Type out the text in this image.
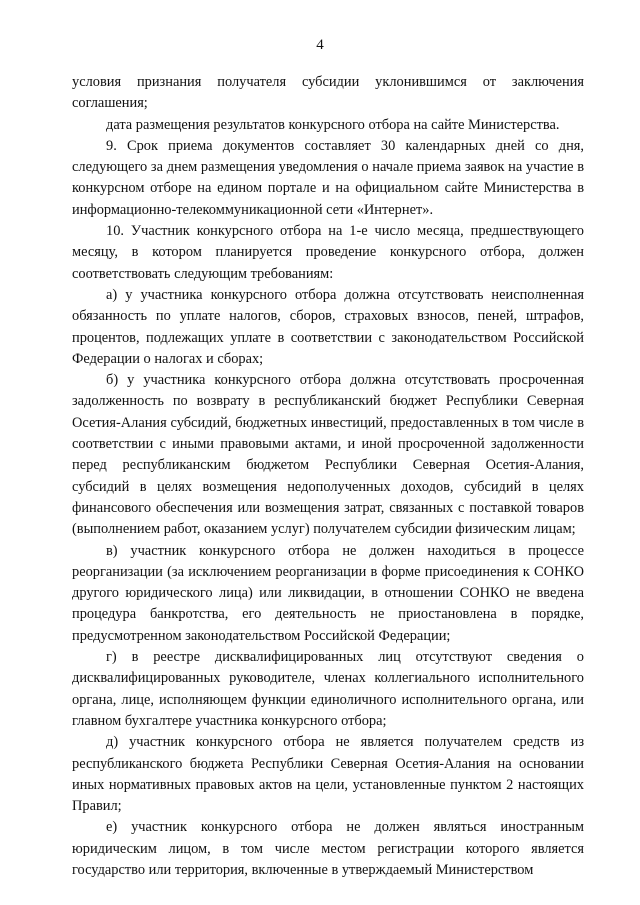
4

условия признания получателя субсидии уклонившимся от заключения соглашения;

дата размещения результатов конкурсного отбора на сайте Министерства.

9. Срок приема документов составляет 30 календарных дней со дня, следующего за днем размещения уведомления о начале приема заявок на участие в конкурсном отборе на едином портале и на официальном сайте Министерства в информационно-телекоммуникационной сети «Интернет».

10. Участник конкурсного отбора на 1-е число месяца, предшествующего месяцу, в котором планируется проведение конкурсного отбора, должен соответствовать следующим требованиям:

а) у участника конкурсного отбора должна отсутствовать неисполненная обязанность по уплате налогов, сборов, страховых взносов, пеней, штрафов, процентов, подлежащих уплате в соответствии с законодательством Российской Федерации о налогах и сборах;

б) у участника конкурсного отбора должна отсутствовать просроченная задолженность по возврату в республиканский бюджет Республики Северная Осетия-Алания субсидий, бюджетных инвестиций, предоставленных в том числе в соответствии с иными правовыми актами, и иной просроченной задолженности перед республиканским бюджетом Республики Северная Осетия-Алания, субсидий в целях возмещения недополученных доходов, субсидий в целях финансового обеспечения или возмещения затрат, связанных с поставкой товаров (выполнением работ, оказанием услуг) получателем субсидии физическим лицам;

в) участник конкурсного отбора не должен находиться в процессе реорганизации (за исключением реорганизации в форме присоединения к СОНКО другого юридического лица) или ликвидации, в отношении СОНКО не введена процедура банкротства, его деятельность не приостановлена в порядке, предусмотренном законодательством Российской Федерации;

г) в реестре дисквалифицированных лиц отсутствуют сведения о дисквалифицированных руководителе, членах коллегиального исполнительного органа, лице, исполняющем функции единоличного исполнительного органа, или главном бухгалтере участника конкурсного отбора;

д) участник конкурсного отбора не является получателем средств из республиканского бюджета Республики Северная Осетия-Алания на основании иных нормативных правовых актов на цели, установленные пунктом 2 настоящих Правил;

е) участник конкурсного отбора не должен являться иностранным юридическим лицом, в том числе местом регистрации которого является государство или территория, включенные в утверждаемый Министерством
